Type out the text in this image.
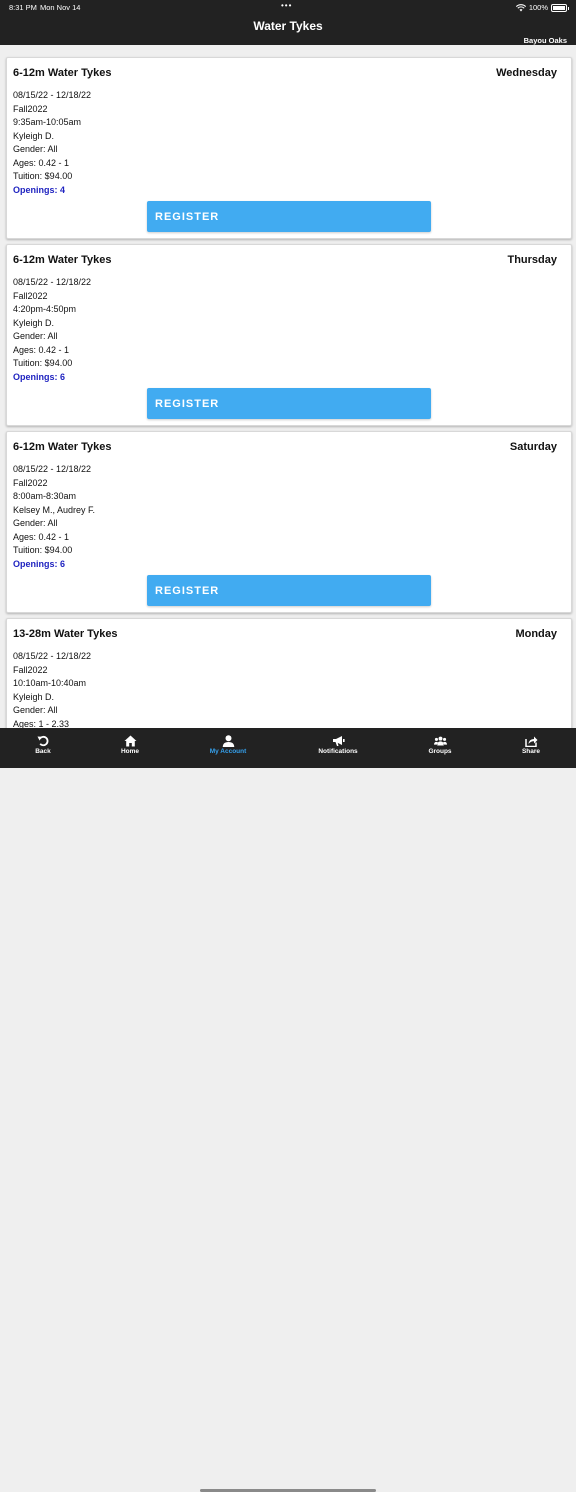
8:31 PM Mon Nov 14	•••	100%
Water Tykes
Bayou Oaks
6-12m Water Tykes	Wednesday
08/15/22 - 12/18/22
Fall2022
9:35am-10:05am
Kyleigh D.
Gender: All
Ages: 0.42 - 1
Tuition: $94.00
Openings: 4
REGISTER
6-12m Water Tykes	Thursday
08/15/22 - 12/18/22
Fall2022
4:20pm-4:50pm
Kyleigh D.
Gender: All
Ages: 0.42 - 1
Tuition: $94.00
Openings: 6
REGISTER
6-12m Water Tykes	Saturday
08/15/22 - 12/18/22
Fall2022
8:00am-8:30am
Kelsey M., Audrey F.
Gender: All
Ages: 0.42 - 1
Tuition: $94.00
Openings: 6
REGISTER
13-28m Water Tykes	Monday
08/15/22 - 12/18/22
Fall2022
10:10am-10:40am
Kyleigh D.
Gender: All
Ages: 1 - 2.33
Back	Home	My Account	Notifications	Groups	Share
